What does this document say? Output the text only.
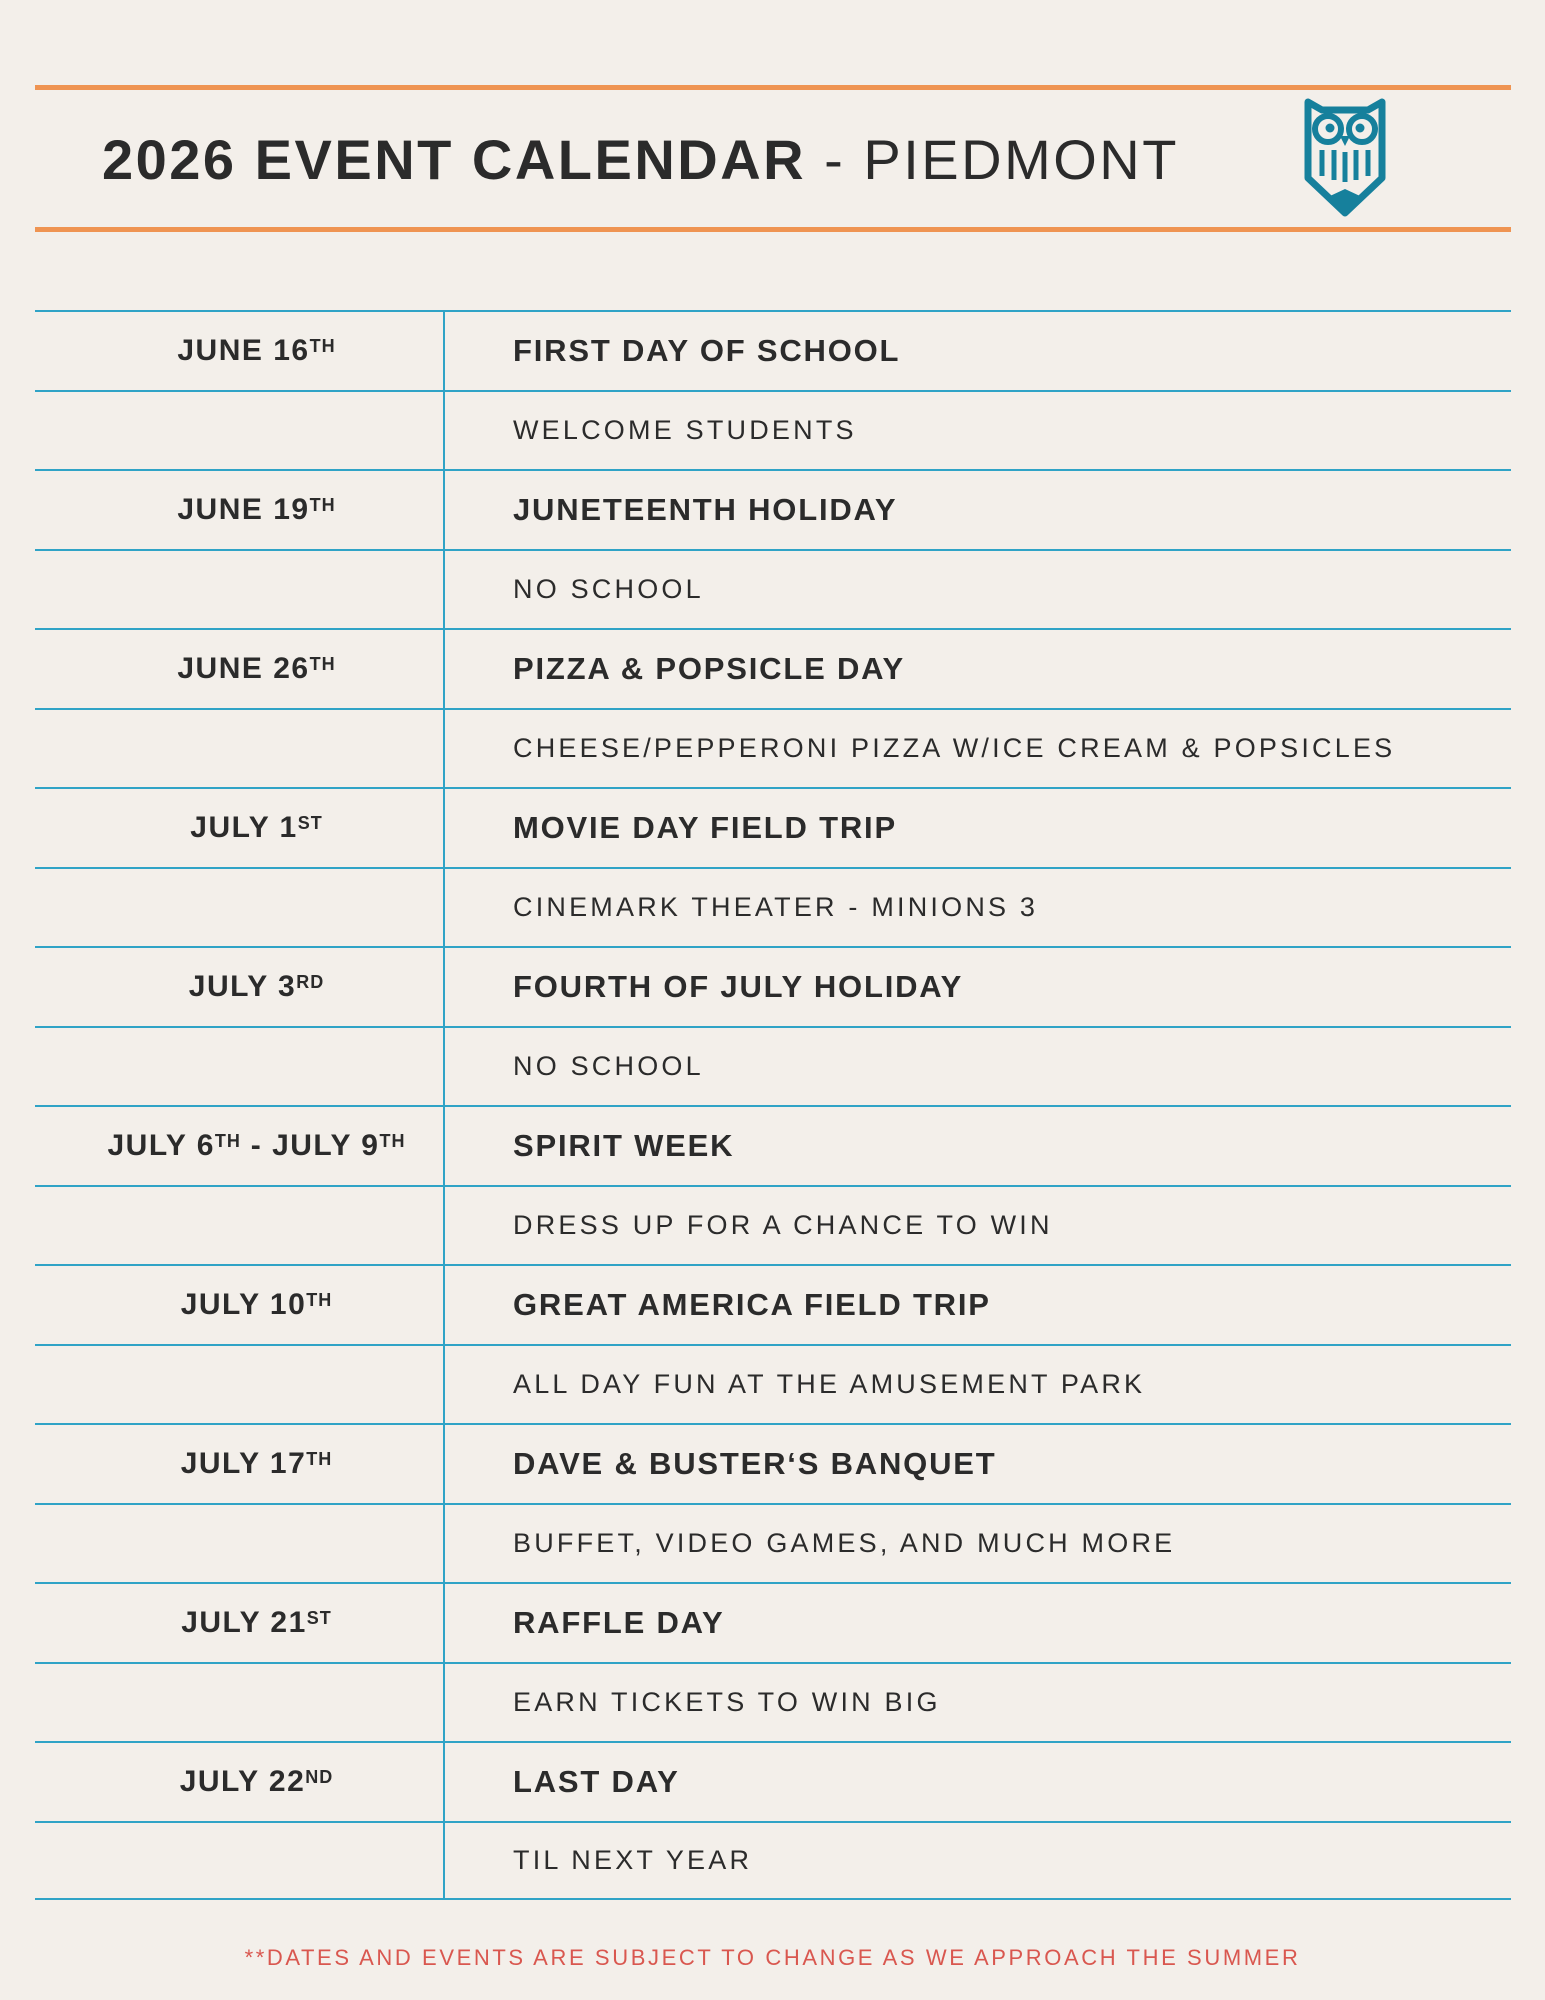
2026 EVENT CALENDAR - PIEDMONT
JUNE 16TH	FIRST DAY OF SCHOOL
WELCOME STUDENTS
JUNE 19TH	JUNETEENTH HOLIDAY
NO SCHOOL
JUNE 26TH	PIZZA & POPSICLE DAY
CHEESE/PEPPERONI PIZZA W/ICE CREAM & POPSICLES
JULY 1ST	MOVIE DAY FIELD TRIP
CINEMARK THEATER - MINIONS 3
JULY 3RD	FOURTH OF JULY HOLIDAY
NO SCHOOL
JULY 6TH - JULY 9TH	SPIRIT WEEK
DRESS UP FOR A CHANCE TO WIN
JULY 10TH	GREAT AMERICA FIELD TRIP
ALL DAY FUN AT THE AMUSEMENT PARK
JULY 17TH	DAVE & BUSTER‘S BANQUET
BUFFET, VIDEO GAMES, AND MUCH MORE
JULY 21ST	RAFFLE DAY
EARN TICKETS TO WIN BIG
JULY 22ND	LAST DAY
TIL NEXT YEAR
**DATES AND EVENTS ARE SUBJECT TO CHANGE AS WE APPROACH THE SUMMER
